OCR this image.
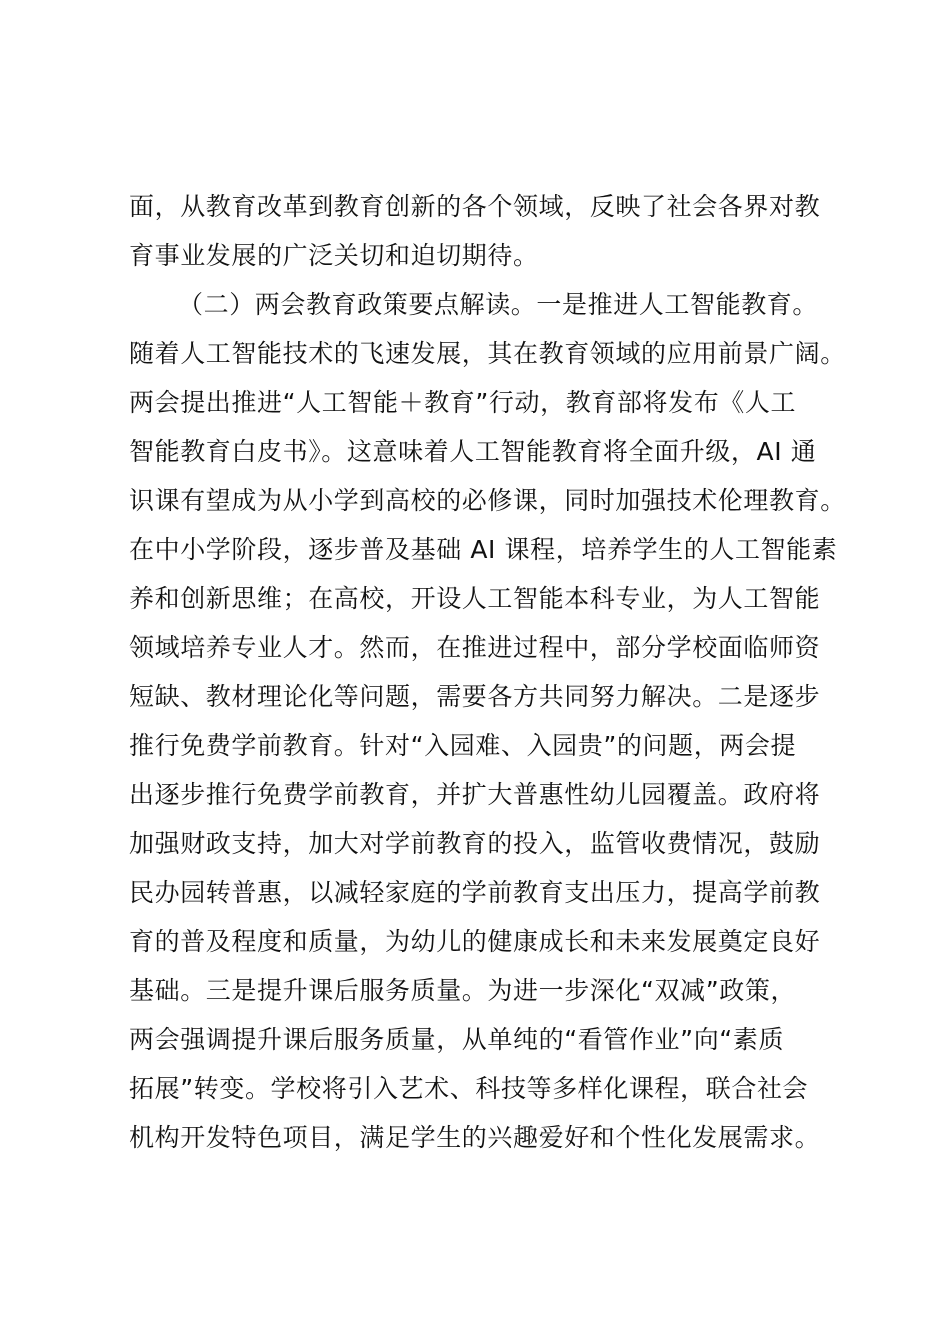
面，从教育改革到教育创新的各个领域，反映了社会各界对教

育事业发展的广泛关切和迫切期待。

（二）两会教育政策要点解读。一是推进人工智能教育。

随着人工智能技术的飞速发展，其在教育领域的应用前景广阔。

两会提出推进“人工智能＋教育”行动，教育部将发布《人工

智能教育白皮书》。这意味着人工智能教育将全面升级，AI 通

识课有望成为从小学到高校的必修课，同时加强技术伦理教育。

在中小学阶段，逐步普及基础 AI 课程，培养学生的人工智能素

养和创新思维；在高校，开设人工智能本科专业，为人工智能

领域培养专业人才。然而，在推进过程中，部分学校面临师资

短缺、教材理论化等问题，需要各方共同努力解决。二是逐步

推行免费学前教育。针对“入园难、入园贵”的问题，两会提

出逐步推行免费学前教育，并扩大普惠性幼儿园覆盖。政府将

加强财政支持，加大对学前教育的投入，监管收费情况，鼓励

民办园转普惠，以减轻家庭的学前教育支出压力，提高学前教

育的普及程度和质量，为幼儿的健康成长和未来发展奠定良好

基础。三是提升课后服务质量。为进一步深化“双减”政策，

两会强调提升课后服务质量，从单纯的“看管作业”向“素质

拓展”转变。学校将引入艺术、科技等多样化课程，联合社会

机构开发特色项目，满足学生的兴趣爱好和个性化发展需求。
